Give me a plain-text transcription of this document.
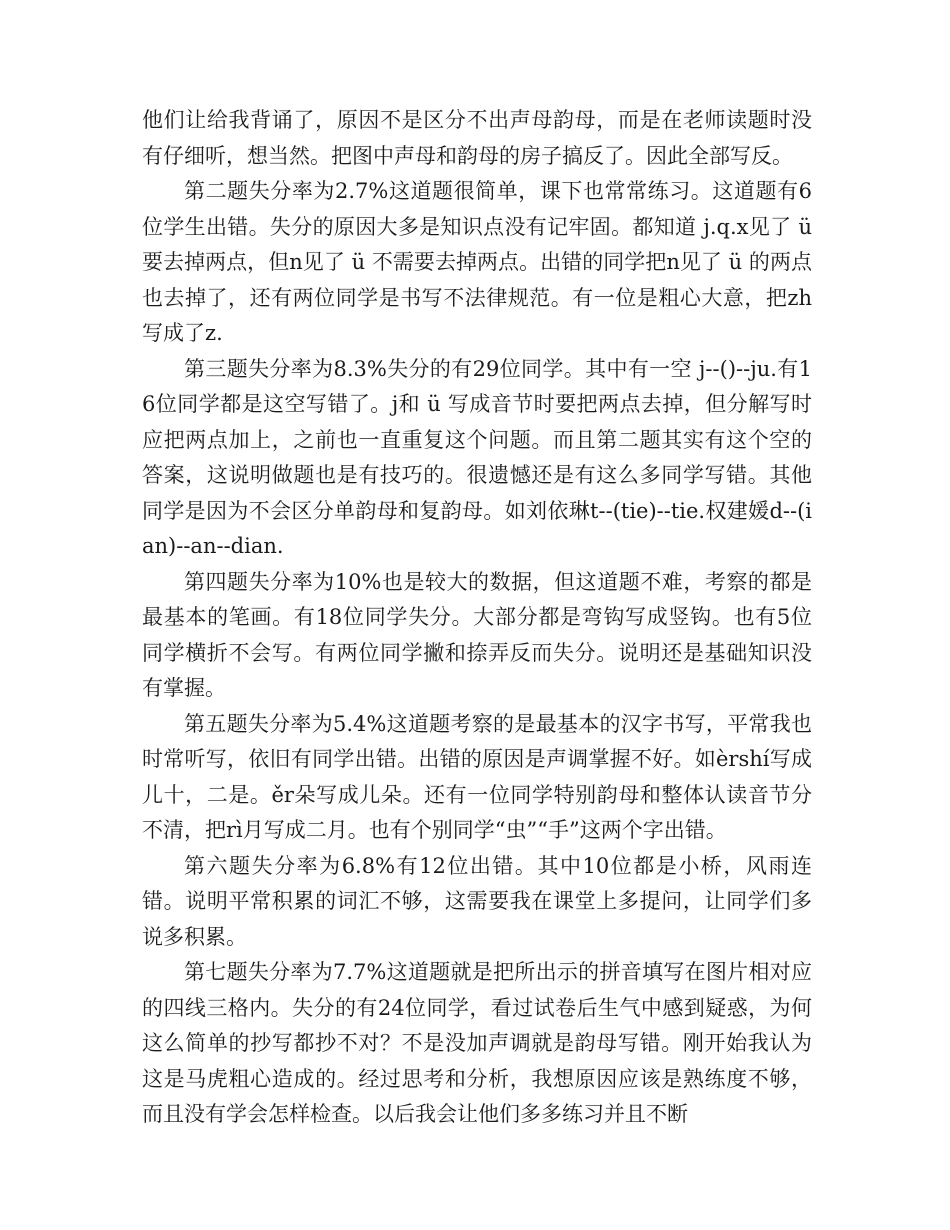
他们让给我背诵了，原因不是区分不出声母韵母，而是在老师读题时没有仔细听，想当然。把图中声母和韵母的房子搞反了。因此全部写反。

第二题失分率为2.7%这道题很简单，课下也常常练习。这道题有6位学生出错。失分的原因大多是知识点没有记牢固。都知道 j.q.x见了 ü 要去掉两点，但n见了 ü 不需要去掉两点。出错的同学把n见了 ü 的两点也去掉了，还有两位同学是书写不法律规范。有一位是粗心大意，把zh写成了z.

第三题失分率为8.3%失分的有29位同学。其中有一空 j--()--ju.有16位同学都是这空写错了。j和 ü 写成音节时要把两点去掉，但分解写时应把两点加上，之前也一直重复这个问题。而且第二题其实有这个空的答案，这说明做题也是有技巧的。很遗憾还是有这么多同学写错。其他同学是因为不会区分单韵母和复韵母。如刘依琳t--(tie)--tie.权建媛d--(ian)--an--dian.

第四题失分率为10%也是较大的数据，但这道题不难，考察的都是最基本的笔画。有18位同学失分。大部分都是弯钩写成竖钩。也有5位同学横折不会写。有两位同学撇和捺弄反而失分。说明还是基础知识没有掌握。

第五题失分率为5.4%这道题考察的是最基本的汉字书写，平常我也时常听写，依旧有同学出错。出错的原因是声调掌握不好。如èrshí写成儿十，二是。ěr朵写成儿朵。还有一位同学特别韵母和整体认读音节分不清，把rì月写成二月。也有个别同学“虫”“手”这两个字出错。

第六题失分率为6.8%有12位出错。其中10位都是小桥，风雨连错。说明平常积累的词汇不够，这需要我在课堂上多提问，让同学们多说多积累。

第七题失分率为7.7%这道题就是把所出示的拼音填写在图片相对应的四线三格内。失分的有24位同学，看过试卷后生气中感到疑惑，为何这么简单的抄写都抄不对？不是没加声调就是韵母写错。刚开始我认为这是马虎粗心造成的。经过思考和分析，我想原因应该是熟练度不够，而且没有学会怎样检查。以后我会让他们多多练习并且不断
